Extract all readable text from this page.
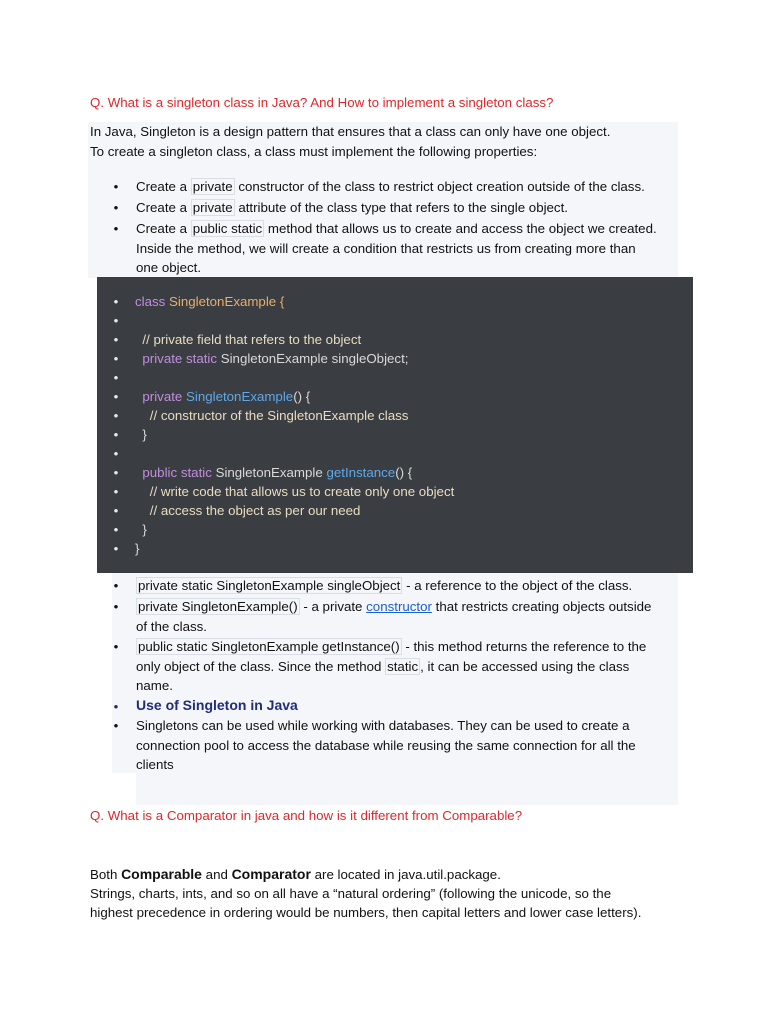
Q. What is a singleton class in Java? And How to implement a singleton class?
In Java, Singleton is a design pattern that ensures that a class can only have one object.
To create a singleton class, a class must implement the following properties:
• Create a private constructor of the class to restrict object creation outside of the class.
• Create a private attribute of the class type that refers to the single object.
• Create a public static method that allows us to create and access the object we created.
Inside the method, we will create a condition that restricts us from creating more than
one object.
• class SingletonExample {
•
• // private field that refers to the object
• private static SingletonExample singleObject;
•
• private SingletonExample() {
• // constructor of the SingletonExample class
• }
•
• public static SingletonExample getInstance() {
• // write code that allows us to create only one object
• // access the object as per our need
• }
• }
• private static SingletonExample singleObject - a reference to the object of the class.
• private SingletonExample() - a private constructor that restricts creating objects outside
of the class.
• public static SingletonExample getInstance() - this method returns the reference to the
only object of the class. Since the method static , it can be accessed using the class
name.
• Use of Singleton in Java
• Singletons can be used while working with databases. They can be used to create a
connection pool to access the database while reusing the same connection for all the
clients
Q. What is a Comparator in java and how is it different from Comparable?
Both Comparable and Comparator are located in java.util.package.
Strings, charts, ints, and so on all have a “natural ordering” (following the unicode, so the
highest precedence in ordering would be numbers, then capital letters and lower case letters).
